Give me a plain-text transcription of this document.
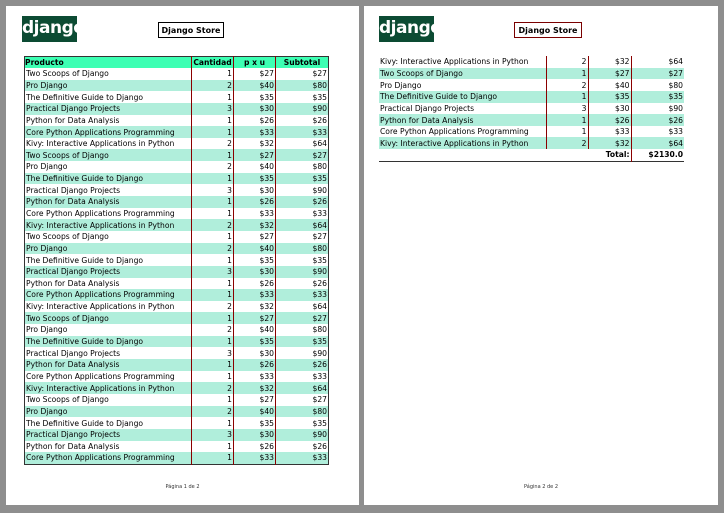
django	Django Store
Producto	Cantidad	p x u	Subtotal
Two Scoops of Django	1	$27	$27
Pro Django	2	$40	$80
The Definitive Guide to Django	1	$35	$35
Practical Django Projects	3	$30	$90
Python for Data Analysis	1	$26	$26
Core Python Applications Programming	1	$33	$33
Kivy: Interactive Applications in Python	2	$32	$64
Two Scoops of Django	1	$27	$27
Pro Django	2	$40	$80
The Definitive Guide to Django	1	$35	$35
Practical Django Projects	3	$30	$90
Python for Data Analysis	1	$26	$26
Core Python Applications Programming	1	$33	$33
Kivy: Interactive Applications in Python	2	$32	$64
Two Scoops of Django	1	$27	$27
Pro Django	2	$40	$80
The Definitive Guide to Django	1	$35	$35
Practical Django Projects	3	$30	$90
Python for Data Analysis	1	$26	$26
Core Python Applications Programming	1	$33	$33
Kivy: Interactive Applications in Python	2	$32	$64
Two Scoops of Django	1	$27	$27
Pro Django	2	$40	$80
The Definitive Guide to Django	1	$35	$35
Practical Django Projects	3	$30	$90
Python for Data Analysis	1	$26	$26
Core Python Applications Programming	1	$33	$33
Kivy: Interactive Applications in Python	2	$32	$64
Two Scoops of Django	1	$27	$27
Pro Django	2	$40	$80
The Definitive Guide to Django	1	$35	$35
Practical Django Projects	3	$30	$90
Python for Data Analysis	1	$26	$26
Core Python Applications Programming	1	$33	$33
Página 1 de 2
django	Django Store
Kivy: Interactive Applications in Python	2	$32	$64
Two Scoops of Django	1	$27	$27
Pro Django	2	$40	$80
The Definitive Guide to Django	1	$35	$35
Practical Django Projects	3	$30	$90
Python for Data Analysis	1	$26	$26
Core Python Applications Programming	1	$33	$33
Kivy: Interactive Applications in Python	2	$32	$64
		Total:	$2130.0
Página 2 de 2
